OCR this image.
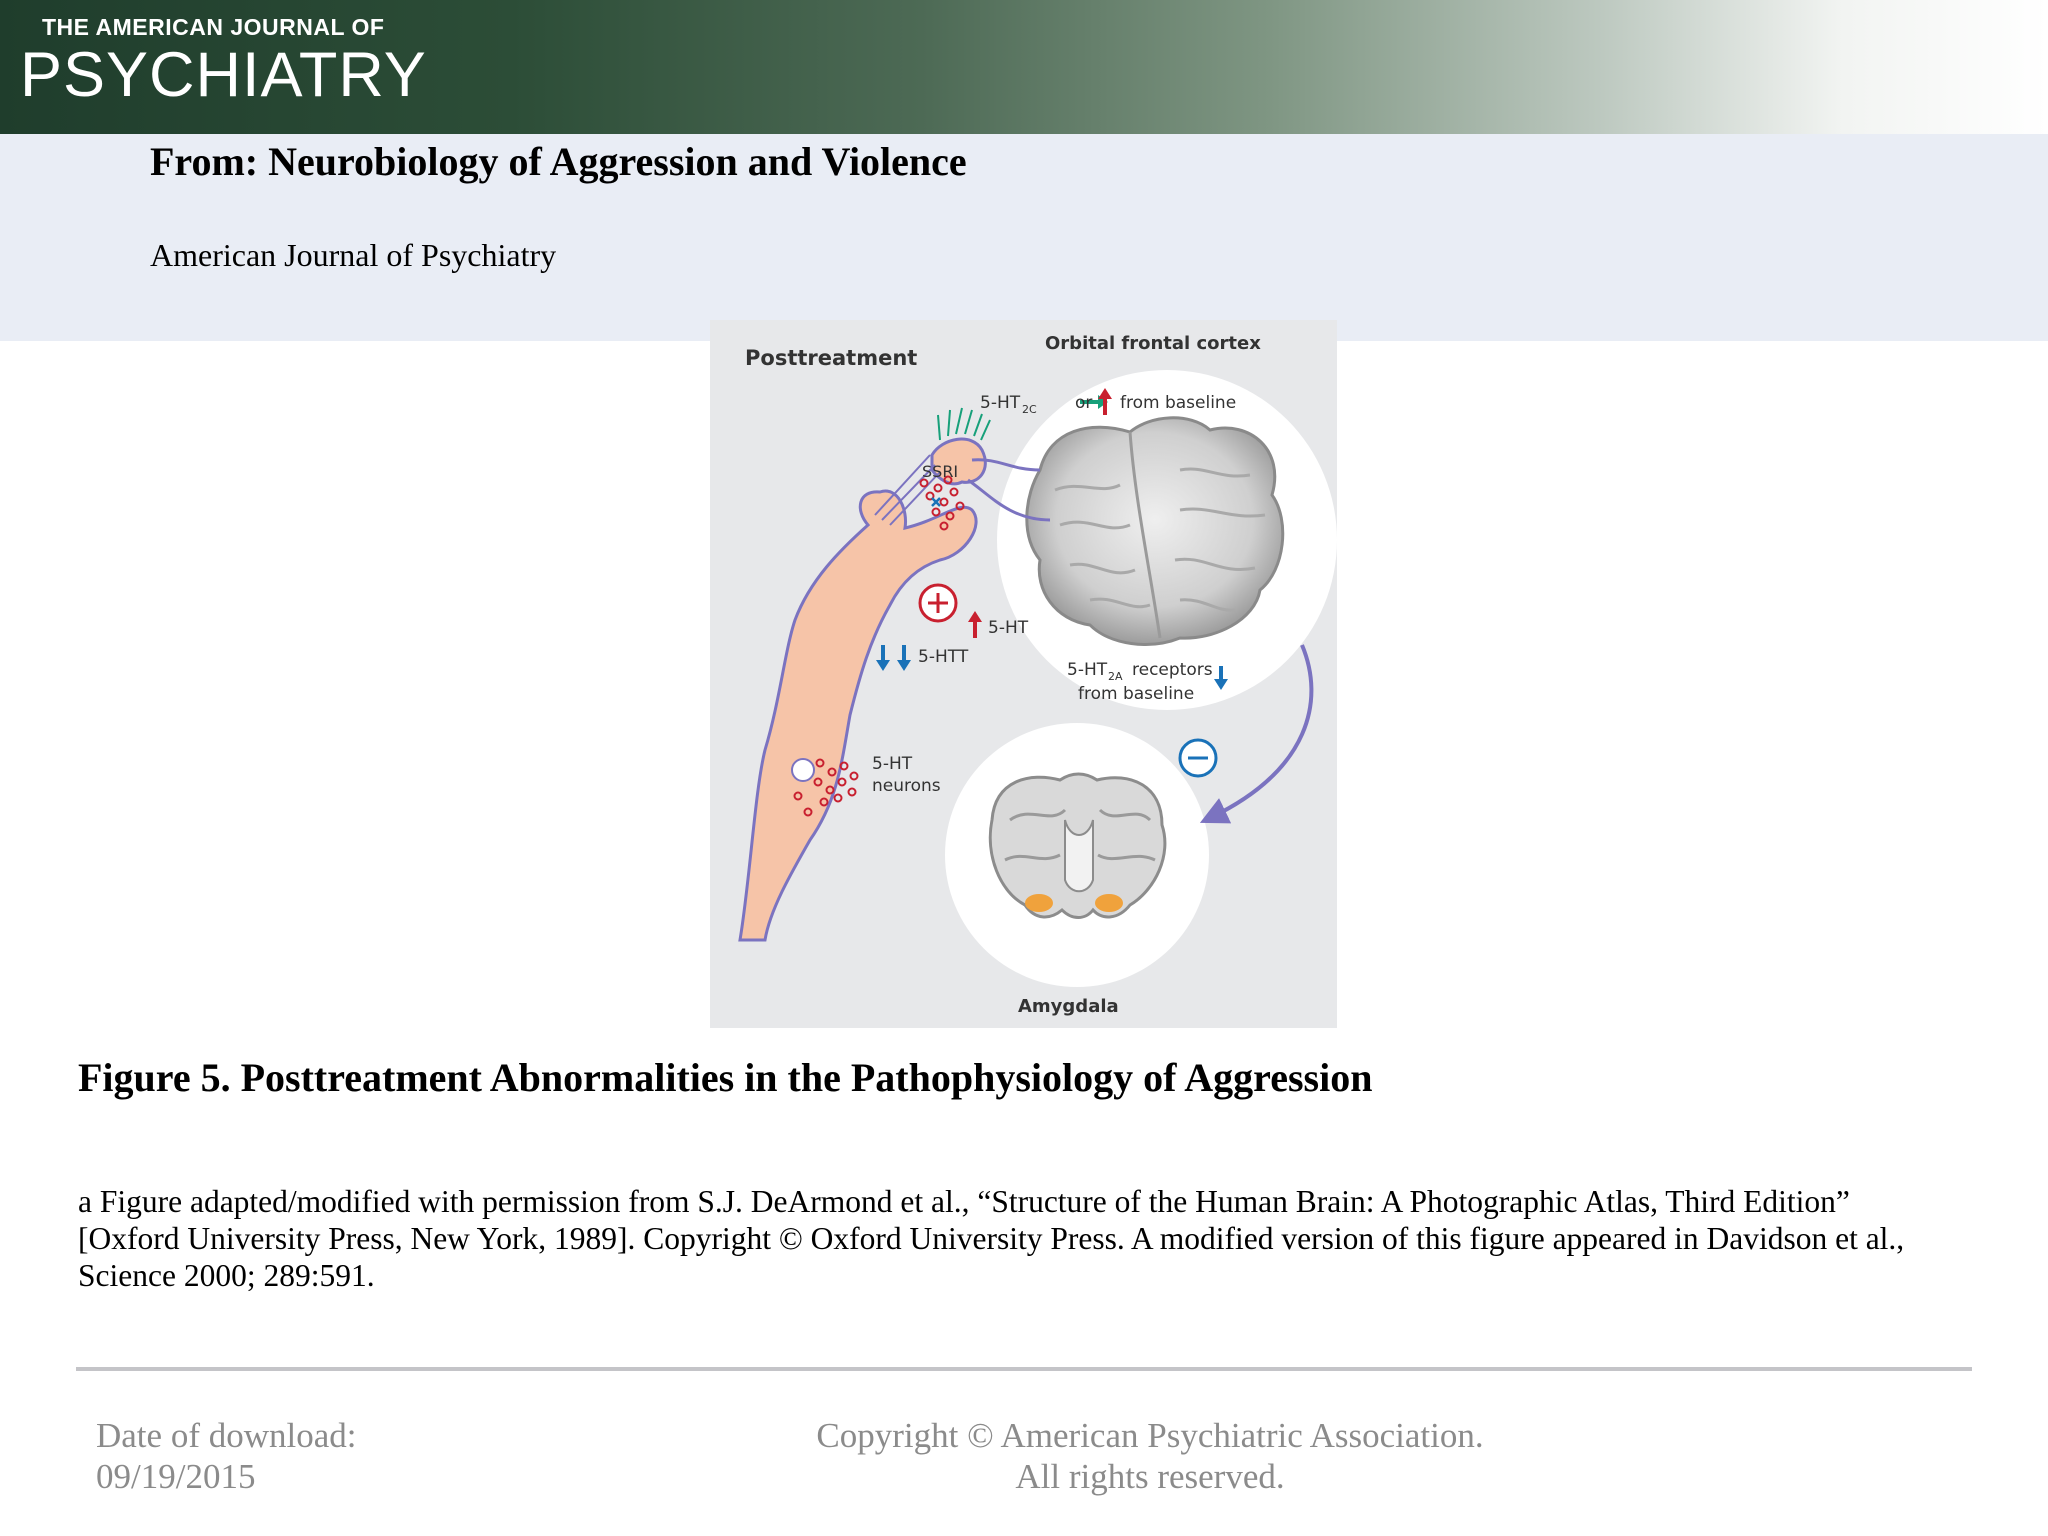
THE AMERICAN JOURNAL OF
PSYCHIATRY
From: Neurobiology of Aggression and Violence
American Journal of Psychiatry
Posttreatment
Orbital frontal cortex
5-HT 2C or from baseline
SSRI
5-HT
5-HTT
5-HT 2A receptors
from baseline
5-HT
neurons
Amygdala
Figure 5. Posttreatment Abnormalities in the Pathophysiology of Aggression
a Figure adapted/modified with permission from S.J. DeArmond et al., “Structure of the Human Brain: A Photographic Atlas, Third Edition” [Oxford University Press, New York, 1989]. Copyright © Oxford University Press. A modified version of this figure appeared in Davidson et al., Science 2000; 289:591.
Date of download:
09/19/2015
Copyright © American Psychiatric Association.
All rights reserved.
